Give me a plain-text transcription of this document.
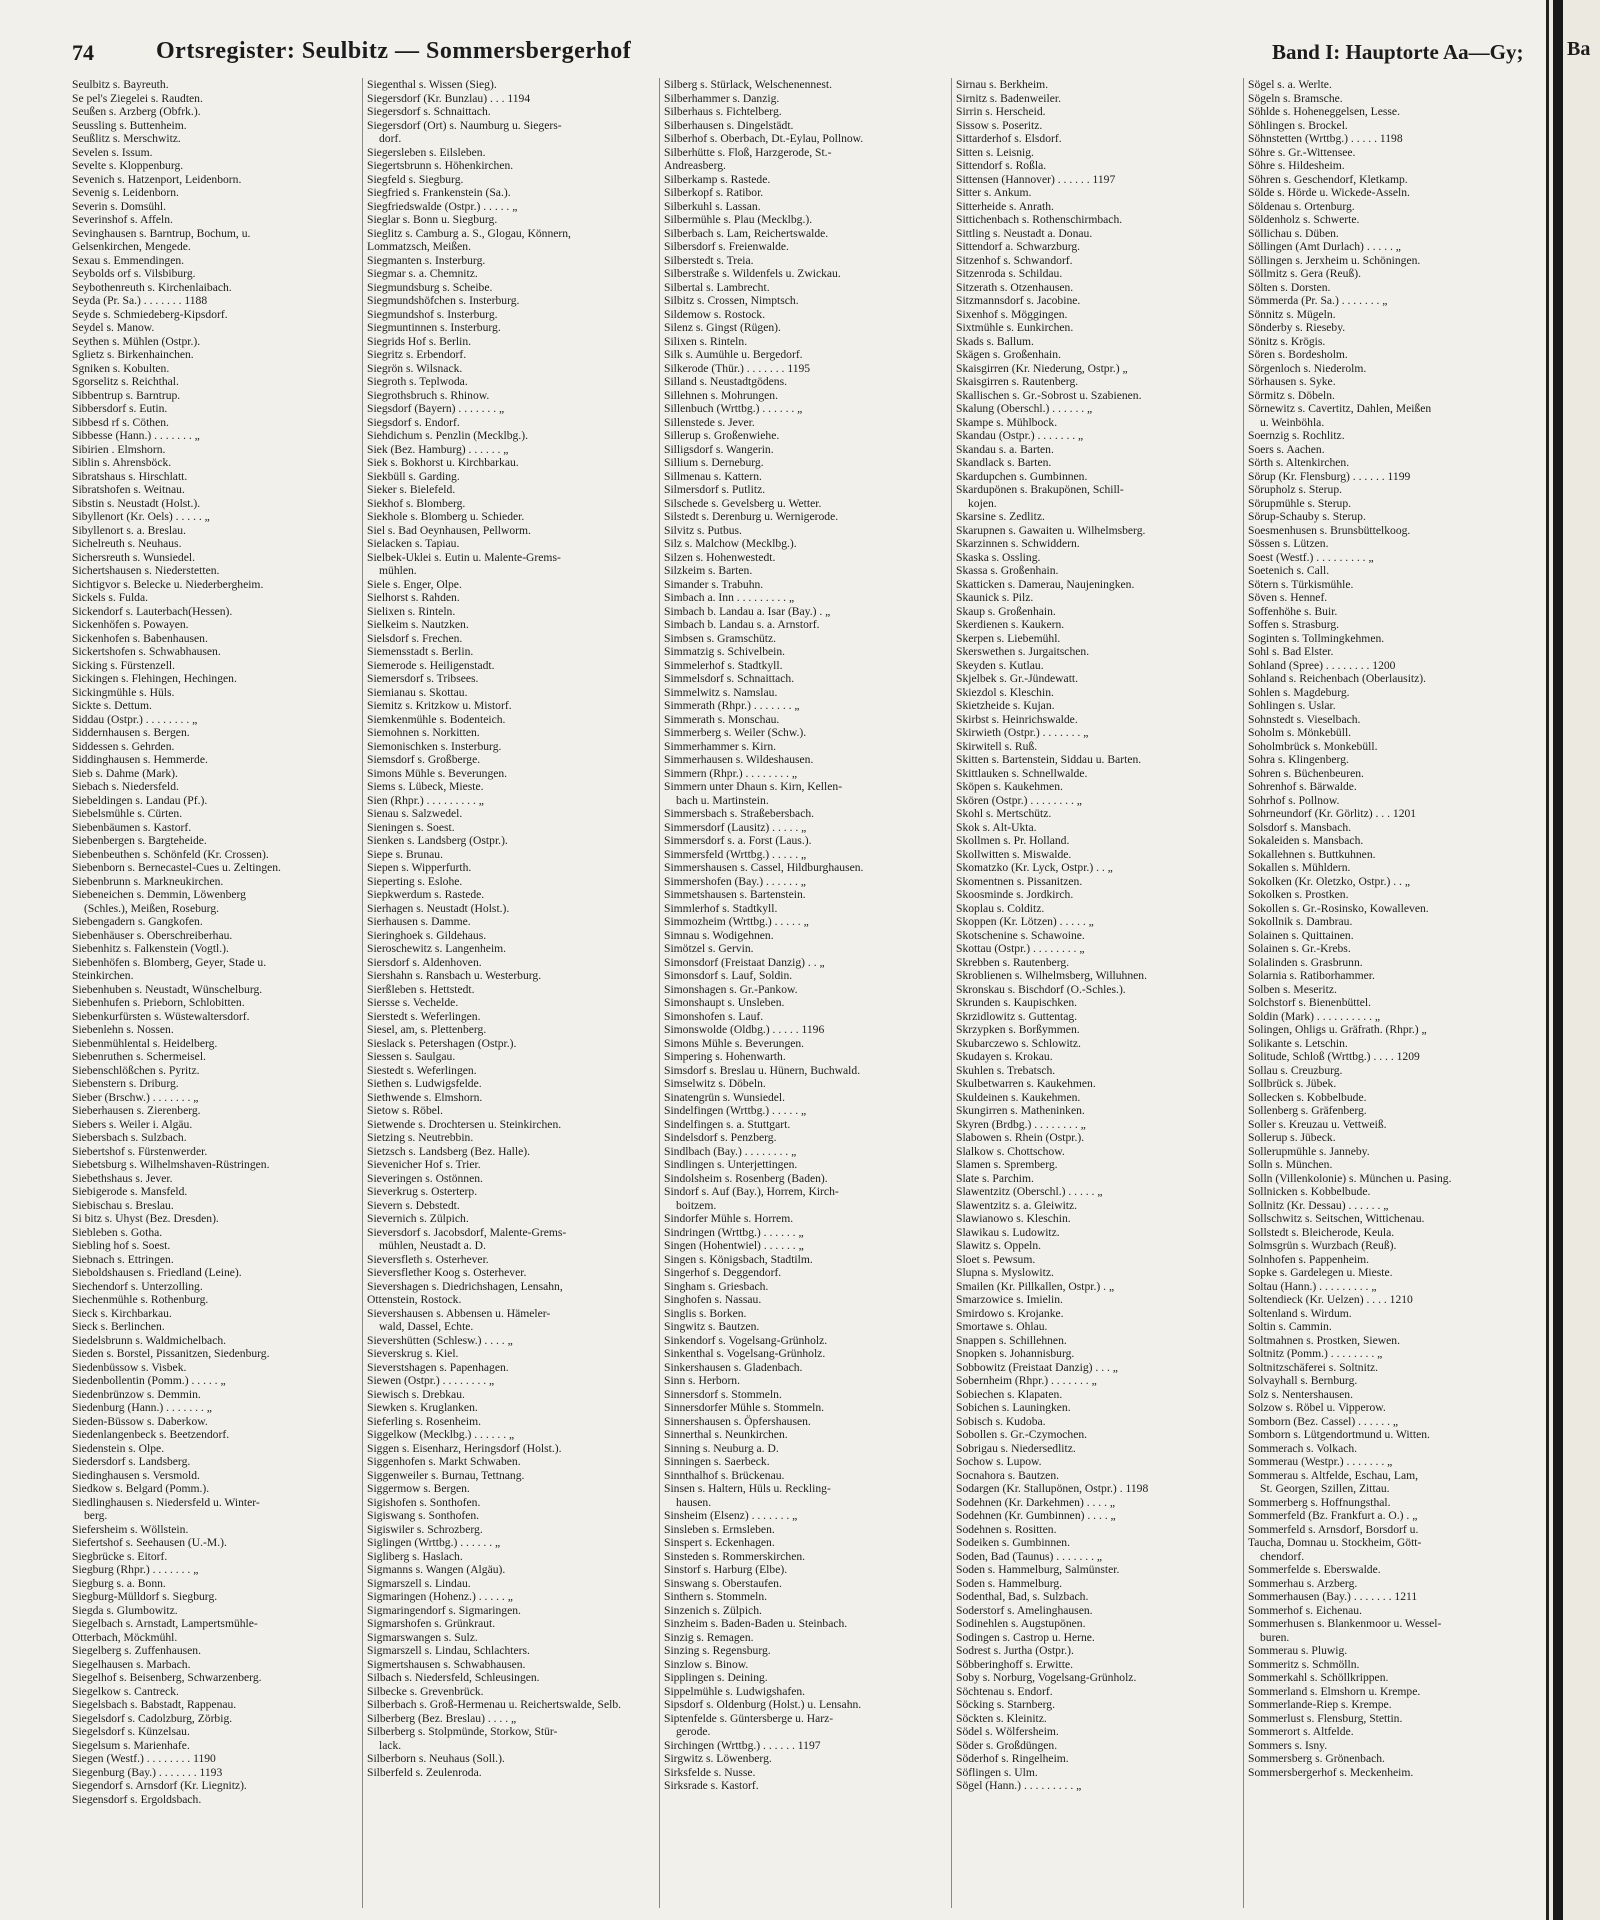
74	Ortsregister: Seulbitz — Sommersbergerhof	Band I: Hauptorte Aa—Gy; Ba
Seulbitz s. Bayreuth.
Se pel's Ziegelei s. Raudten.
Seußen s. Arzberg (Obfrk.).
Seussling s. Buttenheim.
Seußlitz s. Merschwitz.
Sevelen s. Issum.
Sevelte s. Kloppenburg.
Sevenich s. Hatzenport, Leidenborn.
Sevenig s. Leidenborn.
Severin s. Domsühl.
Severinshof s. Affeln.
Sevinghausen s. Barntrup, Bochum, u.
Gelsenkirchen, Mengede.
Sexau s. Emmendingen.
Seybolds orf s. Vilsbiburg.
Seybothenreuth s. Kirchenlaibach.
Seyda (Pr. Sa.) . . . . . . . 1188
Seyde s. Schmiedeberg-Kipsdorf.
Seydel s. Manow.
Seythen s. Mühlen (Ostpr.).
Sglietz s. Birkenhainchen.
Sgniken s. Kobulten.
Sgorselitz s. Reichthal.
Sibbentrup s. Barntrup.
Sibbersdorf s. Eutin.
Sibbesd rf s. Cöthen.
Sibbesse (Hann.) . . . . . . . „
Sibirien . Elmshorn.
Siblin s. Ahrensböck.
Sibratshaus s. Hirschlatt.
Sibratshofen s. Weitnau.
Sibstin s. Neustadt (Holst.).
Sibyllenort (Kr. Oels) . . . . . „
Sibyllenort s. a. Breslau.
Sichelreuth s. Neuhaus.
Sichersreuth s. Wunsiedel.
Sichertshausen s. Niederstetten.
Sichtigvor s. Belecke u. Niederbergheim.
Sickels s. Fulda.
Sickendorf s. Lauterbach(Hessen).
Sickenhöfen s. Powayen.
Sickenhofen s. Babenhausen.
Sickertshofen s. Schwabhausen.
Sicking s. Fürstenzell.
Sickingen s. Flehingen, Hechingen.
Sickingmühle s. Hüls.
Sickte s. Dettum.
Siddau (Ostpr.) . . . . . . . . „
Siddernhausen s. Bergen.
Siddessen s. Gehrden.
Siddinghausen s. Hemmerde.
Sieb s. Dahme (Mark).
Siebach s. Niedersfeld.
Siebeldingen s. Landau (Pf.).
Siebelsmühle s. Cürten.
Siebenbäumen s. Kastorf.
Siebenbergen s. Bargteheide.
Siebenbeuthen s. Schönfeld (Kr. Crossen).
Siebenborn s. Bernecastel-Cues u. Zeltingen.
Siebenbrunn s. Markneukirchen.
Siebeneichen s. Demmin, Löwenberg
(Schles.), Meißen, Roseburg.
Siebengadern s. Gangkofen.
Siebenhäuser s. Oberschreiberhau.
Siebenhitz s. Falkenstein (Vogtl.).
Siebenhöfen s. Blomberg, Geyer, Stade u.
Steinkirchen.
Siebenhuben s. Neustadt, Wünschelburg.
Siebenhufen s. Prieborn, Schlobitten.
Siebenkurfürsten s. Wüstewaltersdorf.
Siebenlehn s. Nossen.
Siebenmühlental s. Heidelberg.
Siebenruthen s. Schermeisel.
Siebenschlößchen s. Pyritz.
Siebenstern s. Driburg.
Sieber (Brschw.) . . . . . . . „
Sieberhausen s. Zierenberg.
Siebers s. Weiler i. Algäu.
Siebersbach s. Sulzbach.
Siebertshof s. Fürstenwerder.
Siebetsburg s. Wilhelmshaven-Rüstringen.
Siebethshaus s. Jever.
Siebigerode s. Mansfeld.
Siebischau s. Breslau.
Si bitz s. Uhyst (Bez. Dresden).
Siebleben s. Gotha.
Siebling hof s. Soest.
Siebnach s. Ettringen.
Sieboldshausen s. Friedland (Leine).
Siechendorf s. Unterzolling.
Siechenmühle s. Rothenburg.
Sieck s. Kirchbarkau.
Sieck s. Berlinchen.
Siedelsbrunn s. Waldmichelbach.
Sieden s. Borstel, Pissanitzen, Siedenburg.
Siedenbüssow s. Visbek.
Siedenbollentin (Pomm.) . . . . . „
Siedenbrünzow s. Demmin.
Siedenburg (Hann.) . . . . . . . „
Sieden-Büssow s. Daberkow.
Siedenlangenbeck s. Beetzendorf.
Siedenstein s. Olpe.
Siedersdorf s. Landsberg.
Siedinghausen s. Versmold.
Siedkow s. Belgard (Pomm.).
Siedlinghausen s. Niedersfeld u. Winter-
berg.
Siefersheim s. Wöllstein.
Siefertshof s. Seehausen (U.-M.).
Siegbrücke s. Eitorf.
Siegburg (Rhpr.) . . . . . . . „
Siegburg s. a. Bonn.
Siegburg-Mülldorf s. Siegburg.
Siegda s. Glumbowitz.
Siegelbach s. Arnstadt, Lampertsmühle-
Otterbach, Möckmühl.
Siegelberg s. Zuffenhausen.
Siegelhausen s. Marbach.
Siegelhof s. Beisenberg, Schwarzenberg.
Siegelkow s. Cantreck.
Siegelsbach s. Babstadt, Rappenau.
Siegelsdorf s. Cadolzburg, Zörbig.
Siegelsdorf s. Künzelsau.
Siegelsum s. Marienhafe.
Siegen (Westf.) . . . . . . . . 1190
Siegenburg (Bay.) . . . . . . . 1193
Siegendorf s. Arnsdorf (Kr. Liegnitz).
Siegensdorf s. Ergoldsbach.
Siegenthal s. Wissen (Sieg).
Siegersdorf (Kr. Bunzlau) . . . 1194
Siegersdorf s. Schnaittach.
Siegersdorf (Ort) s. Naumburg u. Siegers-
dorf.
Siegersleben s. Eilsleben.
Siegertsbrunn s. Höhenkirchen.
Siegfeld s. Siegburg.
Siegfried s. Frankenstein (Sa.).
Siegfriedswalde (Ostpr.) . . . . . „
Sieglar s. Bonn u. Siegburg.
Sieglitz s. Camburg a. S., Glogau, Könnern,
Lommatzsch, Meißen.
Siegmanten s. Insterburg.
Siegmar s. a. Chemnitz.
Siegmundsburg s. Scheibe.
Siegmundshöfchen s. Insterburg.
Siegmundshof s. Insterburg.
Siegmuntinnen s. Insterburg.
Siegrids Hof s. Berlin.
Siegritz s. Erbendorf.
Siegrön s. Wilsnack.
Siegroth s. Teplwoda.
Siegrothsbruch s. Rhinow.
Siegsdorf (Bayern) . . . . . . . „
Siegsdorf s. Endorf.
Siehdichum s. Penzlin (Mecklbg.).
Siek (Bez. Hamburg) . . . . . . „
Siek s. Bokhorst u. Kirchbarkau.
Siekbüll s. Garding.
Sieker s. Bielefeld.
Siekhof s. Blomberg.
Siekhole s. Blomberg u. Schieder.
Siel s. Bad Oeynhausen, Pellworm.
Sielacken s. Tapiau.
Sielbek-Uklei s. Eutin u. Malente-Grems-
mühlen.
Siele s. Enger, Olpe.
Sielhorst s. Rahden.
Sielixen s. Rinteln.
Sielkeim s. Nautzken.
Sielsdorf s. Frechen.
Siemensstadt s. Berlin.
Siemerode s. Heiligenstadt.
Siemersdorf s. Tribsees.
Siemianau s. Skottau.
Siemitz s. Kritzkow u. Mistorf.
Siemkenmühle s. Bodenteich.
Siemohnen s. Norkitten.
Siemonischken s. Insterburg.
Siemsdorf s. Großberge.
Simons Mühle s. Beverungen.
Siems s. Lübeck, Mieste.
Sien (Rhpr.) . . . . . . . . . „
Sienau s. Salzwedel.
Sieningen s. Soest.
Sienken s. Landsberg (Ostpr.).
Siepe s. Brunau.
Siepen s. Wipperfurth.
Sieperting s. Eslohe.
Siepkwerdum s. Rastede.
Sierhagen s. Neustadt (Holst.).
Sierhausen s. Damme.
Sieringhoek s. Gildehaus.
Sieroschewitz s. Langenheim.
Siersdorf s. Aldenhoven.
Siershahn s. Ransbach u. Westerburg.
Sierßleben s. Hettstedt.
Siersse s. Vechelde.
Sierstedt s. Weferlingen.
Siesel, am, s. Plettenberg.
Sieslack s. Petershagen (Ostpr.).
Siessen s. Saulgau.
Siestedt s. Weferlingen.
Siethen s. Ludwigsfelde.
Siethwende s. Elmshorn.
Sietow s. Röbel.
Sietwende s. Drochtersen u. Steinkirchen.
Sietzing s. Neutrebbin.
Sietzsch s. Landsberg (Bez. Halle).
Sievenicher Hof s. Trier.
Sieveringen s. Ostönnen.
Sieverkrug s. Osterterp.
Sievern s. Debstedt.
Sievernich s. Zülpich.
Sieversdorf s. Jacobsdorf, Malente-Grems-
mühlen, Neustadt a. D.
Sieversfleth s. Osterhever.
Sieversflether Koog s. Osterhever.
Sievershagen s. Diedrichshagen, Lensahn,
Ottenstein, Rostock.
Sievershausen s. Abbensen u. Hämeler-
wald, Dassel, Echte.
Sievershütten (Schlesw.) . . . . „
Sieverskrug s. Kiel.
Sieverstshagen s. Papenhagen.
Siewen (Ostpr.) . . . . . . . . „
Siewisch s. Drebkau.
Siewken s. Kruglanken.
Sieferling s. Rosenheim.
Siggelkow (Mecklbg.) . . . . . . „
Siggen s. Eisenharz, Heringsdorf (Holst.).
Siggenhofen s. Markt Schwaben.
Siggenweiler s. Burnau, Tettnang.
Siggermow s. Bergen.
Sigishofen s. Sonthofen.
Sigiswang s. Sonthofen.
Sigiswiler s. Schrozberg.
Siglingen (Wrttbg.) . . . . . . „
Sigliberg s. Haslach.
Sigmanns s. Wangen (Algäu).
Sigmarszell s. Lindau.
Sigmaringen (Hohenz.) . . . . . „
Sigmaringendorf s. Sigmaringen.
Sigmarshofen s. Grünkraut.
Sigmarswangen s. Sulz.
Sigmarszell s. Lindau, Schlachters.
Sigmertshausen s. Schwabhausen.
Silbach s. Niedersfeld, Schleusingen.
Silbecke s. Grevenbrück.
Silberbach s. Groß-Hermenau u. Reichertswalde, Selb.
Silberberg (Bez. Breslau) . . . . „
Silberberg s. Stolpmünde, Storkow, Stür-
lack.
Silberborn s. Neuhaus (Soll.).
Silberfeld s. Zeulenroda.
Silberg s. Stürlack, Welschenennest.
Silberhammer s. Danzig.
Silberhaus s. Fichtelberg.
Silberhausen s. Dingelstädt.
Silberhof s. Oberbach, Dt.-Eylau, Pollnow.
Silberhütte s. Floß, Harzgerode, St.-
Andreasberg.
Silberkamp s. Rastede.
Silberkopf s. Ratibor.
Silberkuhl s. Lassan.
Silbermühle s. Plau (Mecklbg.).
Silberbach s. Lam, Reichertswalde.
Silbersdorf s. Freienwalde.
Silberstedt s. Treia.
Silberstraße s. Wildenfels u. Zwickau.
Silbertal s. Lambrecht.
Silbitz s. Crossen, Nimptsch.
Sildemow s. Rostock.
Silenz s. Gingst (Rügen).
Silixen s. Rinteln.
Silk s. Aumühle u. Bergedorf.
Silkerode (Thür.) . . . . . . . 1195
Silland s. Neustadtgödens.
Sillehnen s. Mohrungen.
Sillenbuch (Wrttbg.) . . . . . . „
Sillenstede s. Jever.
Sillerup s. Großenwiehe.
Silligsdorf s. Wangerin.
Sillium s. Derneburg.
Sillmenau s. Kattern.
Silmersdorf s. Putlitz.
Silschede s. Gevelsberg u. Wetter.
Silstedt s. Derenburg u. Wernigerode.
Silvitz s. Putbus.
Silz s. Malchow (Mecklbg.).
Silzen s. Hohenwestedt.
Silzkeim s. Barten.
Simander s. Trabuhn.
Simbach a. Inn . . . . . . . . . „
Simbach b. Landau a. Isar (Bay.) . „
Simbach b. Landau s. a. Arnstorf.
Simbsen s. Gramschütz.
Simmatzig s. Schivelbein.
Simmelerhof s. Stadtkyll.
Simmelsdorf s. Schnaittach.
Simmelwitz s. Namslau.
Simmerath (Rhpr.) . . . . . . . „
Simmerath s. Monschau.
Simmerberg s. Weiler (Schw.).
Simmerhammer s. Kirn.
Simmerhausen s. Wildeshausen.
Simmern (Rhpr.) . . . . . . . . „
Simmern unter Dhaun s. Kirn, Kellen-
bach u. Martinstein.
Simmersbach s. Straßebersbach.
Simmersdorf (Lausitz) . . . . . „
Simmersdorf s. a. Forst (Laus.).
Simmersfeld (Wrttbg.) . . . . . „
Simmershausen s. Cassel, Hildburghausen.
Simmershofen (Bay.) . . . . . . „
Simmetshausen s. Bartenstein.
Simmlerhof s. Stadtkyll.
Simmozheim (Wrttbg.) . . . . . „
Simnau s. Wodigehnen.
Simötzel s. Gervin.
Simonsdorf (Freistaat Danzig) . . „
Simonsdorf s. Lauf, Soldin.
Simonshagen s. Gr.-Pankow.
Simonshaupt s. Unsleben.
Simonshofen s. Lauf.
Simonswolde (Oldbg.) . . . . . 1196
Simons Mühle s. Beverungen.
Simpering s. Hohenwarth.
Simsdorf s. Breslau u. Hünern, Buchwald.
Simselwitz s. Döbeln.
Sinatengrün s. Wunsiedel.
Sindelfingen (Wrttbg.) . . . . . „
Sindelfingen s. a. Stuttgart.
Sindelsdorf s. Penzberg.
Sindlbach (Bay.) . . . . . . . . „
Sindlingen s. Unterjettingen.
Sindolsheim s. Rosenberg (Baden).
Sindorf s. Auf (Bay.), Horrem, Kirch-
boitzem.
Sindorfer Mühle s. Horrem.
Sindringen (Wrttbg.) . . . . . . „
Singen (Hohentwiel) . . . . . . „
Singen s. Königsbach, Stadtilm.
Singerhof s. Deggendorf.
Singham s. Griesbach.
Singhofen s. Nassau.
Singlis s. Borken.
Singwitz s. Bautzen.
Sinkendorf s. Vogelsang-Grünholz.
Sinkenthal s. Vogelsang-Grünholz.
Sinkershausen s. Gladenbach.
Sinn s. Herborn.
Sinnersdorf s. Stommeln.
Sinnersdorfer Mühle s. Stommeln.
Sinnershausen s. Öpfershausen.
Sinnerthal s. Neunkirchen.
Sinning s. Neuburg a. D.
Sinningen s. Saerbeck.
Sinnthalhof s. Brückenau.
Sinsen s. Haltern, Hüls u. Reckling-
hausen.
Sinsheim (Elsenz) . . . . . . . „
Sinsleben s. Ermsleben.
Sinspert s. Eckenhagen.
Sinsteden s. Rommerskirchen.
Sinstorf s. Harburg (Elbe).
Sinswang s. Oberstaufen.
Sinthern s. Stommeln.
Sinzenich s. Zülpich.
Sinzheim s. Baden-Baden u. Steinbach.
Sinzig s. Remagen.
Sinzing s. Regensburg.
Sinzlow s. Binow.
Sipplingen s. Deining.
Sippelmühle s. Ludwigshafen.
Sipsdorf s. Oldenburg (Holst.) u. Lensahn.
Siptenfelde s. Güntersberge u. Harz-
gerode.
Sirchingen (Wrttbg.) . . . . . . 1197
Sirgwitz s. Löwenberg.
Sirksfelde s. Nusse.
Sirksrade s. Kastorf.
Sirnau s. Berkheim.
Sirnitz s. Badenweiler.
Sirrin s. Herscheid.
Sissow s. Poseritz.
Sittarderhof s. Elsdorf.
Sitten s. Leisnig.
Sittendorf s. Roßla.
Sittensen (Hannover) . . . . . . 1197
Sitter s. Ankum.
Sitterheide s. Anrath.
Sittichenbach s. Rothenschirmbach.
Sittling s. Neustadt a. Donau.
Sittendorf a. Schwarzburg.
Sitzenhof s. Schwandorf.
Sitzenroda s. Schildau.
Sitzerath s. Otzenhausen.
Sitzmannsdorf s. Jacobine.
Sixenhof s. Möggingen.
Sixtmühle s. Eunkirchen.
Skads s. Ballum.
Skägen s. Großenhain.
Skaisgirren (Kr. Niederung, Ostpr.) „
Skaisgirren s. Rautenberg.
Skallischen s. Gr.-Sobrost u. Szabienen.
Skalung (Oberschl.) . . . . . . „
Skampe s. Mühlbock.
Skandau (Ostpr.) . . . . . . . „
Skandau s. a. Barten.
Skandlack s. Barten.
Skardupchen s. Gumbinnen.
Skardupönen s. Brakupönen, Schill-
kojen.
Skarsine s. Zedlitz.
Skarupnen s. Gawaiten u. Wilhelmsberg.
Skarzinnen s. Schwiddern.
Skaska s. Ossling.
Skassa s. Großenhain.
Skatticken s. Damerau, Naujeningken.
Skaunick s. Pilz.
Skaup s. Großenhain.
Skerdienen s. Kaukern.
Skerpen s. Liebemühl.
Skerswethen s. Jurgaitschen.
Skeyden s. Kutlau.
Skjelbek s. Gr.-Jündewatt.
Skiezdol s. Kleschin.
Skietzheide s. Kujan.
Skirbst s. Heinrichswalde.
Skirwieth (Ostpr.) . . . . . . . „
Skirwitell s. Ruß.
Skitten s. Bartenstein, Siddau u. Barten.
Skittlauken s. Schnellwalde.
Sköpen s. Kaukehmen.
Skören (Ostpr.) . . . . . . . . „
Skohl s. Mertschütz.
Skok s. Alt-Ukta.
Skollmen s. Pr. Holland.
Skollwitten s. Miswalde.
Skomatzko (Kr. Lyck, Ostpr.) . . „
Skomentnen s. Pissanitzen.
Skoosminde s. Jordkirch.
Skoplau s. Colditz.
Skoppen (Kr. Lötzen) . . . . . „
Skotschenine s. Schawoine.
Skottau (Ostpr.) . . . . . . . . „
Skrebben s. Rautenberg.
Skroblienen s. Wilhelmsberg, Willuhnen.
Skronskau s. Bischdorf (O.-Schles.).
Skrunden s. Kaupischken.
Skrzidlowitz s. Guttentag.
Skrzypken s. Borßymmen.
Skubarczewo s. Schlowitz.
Skudayen s. Krokau.
Skuhlen s. Trebatsch.
Skulbetwarren s. Kaukehmen.
Skuldeinen s. Kaukehmen.
Skungirren s. Matheninken.
Skyren (Brdbg.) . . . . . . . . „
Slabowen s. Rhein (Ostpr.).
Slalkow s. Chottschow.
Slamen s. Spremberg.
Slate s. Parchim.
Slawentzitz (Oberschl.) . . . . . „
Slawentzitz s. a. Gleiwitz.
Slawianowo s. Kleschin.
Slawikau s. Ludowitz.
Slawitz s. Oppeln.
Sloet s. Pewsum.
Slupna s. Myslowitz.
Smailen (Kr. Pillkallen, Ostpr.) . „
Smarzowice s. Imielin.
Smirdowo s. Krojanke.
Smortawe s. Ohlau.
Snappen s. Schillehnen.
Snopken s. Johannisburg.
Sobbowitz (Freistaat Danzig) . . . „
Sobernheim (Rhpr.) . . . . . . . „
Sobiechen s. Klapaten.
Sobichen s. Launingken.
Sobisch s. Kudoba.
Sobollen s. Gr.-Czymochen.
Sobrigau s. Niedersedlitz.
Sochow s. Lupow.
Socnahora s. Bautzen.
Sodargen (Kr. Stallupönen, Ostpr.) . 1198
Sodehnen (Kr. Darkehmen) . . . . „
Sodehnen (Kr. Gumbinnen) . . . . „
Sodehnen s. Rositten.
Sodeiken s. Gumbinnen.
Soden, Bad (Taunus) . . . . . . . „
Soden s. Hammelburg, Salmünster.
Soden s. Hammelburg.
Sodenthal, Bad, s. Sulzbach.
Soderstorf s. Amelinghausen.
Sodinehlen s. Augstupönen.
Sodingen s. Castrop u. Herne.
Sodrest s. Jurtha (Ostpr.).
Söbberinghoff s. Erwitte.
Soby s. Norburg, Vogelsang-Grünholz.
Söchtenau s. Endorf.
Söcking s. Starnberg.
Söckten s. Kleinitz.
Södel s. Wölfersheim.
Söder s. Großdüngen.
Söderhof s. Ringelheim.
Söflingen s. Ulm.
Sögel (Hann.) . . . . . . . . . „
Sögel s. a. Werlte.
Sögeln s. Bramsche.
Söhlde s. Hoheneggelsen, Lesse.
Söhlingen s. Brockel.
Söhnstetten (Wrttbg.) . . . . . 1198
Söhre s. Gr.-Wittensee.
Söhre s. Hildesheim.
Söhren s. Geschendorf, Kletkamp.
Sölde s. Hörde u. Wickede-Asseln.
Söldenau s. Ortenburg.
Söldenholz s. Schwerte.
Söllichau s. Düben.
Söllingen (Amt Durlach) . . . . . „
Söllingen s. Jerxheim u. Schöningen.
Söllmitz s. Gera (Reuß).
Sölten s. Dorsten.
Sömmerda (Pr. Sa.) . . . . . . . „
Sönnitz s. Mügeln.
Sönderby s. Rieseby.
Sönitz s. Krögis.
Sören s. Bordesholm.
Sörgenloch s. Niederolm.
Sörhausen s. Syke.
Sörmitz s. Döbeln.
Sörnewitz s. Cavertitz, Dahlen, Meißen
u. Weinböhla.
Soernzig s. Rochlitz.
Soers s. Aachen.
Sörth s. Altenkirchen.
Sörup (Kr. Flensburg) . . . . . . 1199
Sörupholz s. Sterup.
Sörupmühle s. Sterup.
Sörup-Schauby s. Sterup.
Soesmenhusen s. Brunsbüttelkoog.
Sössen s. Lützen.
Soest (Westf.) . . . . . . . . . „
Soetenich s. Call.
Sötern s. Türkismühle.
Söven s. Hennef.
Soffenhöhe s. Buir.
Soffen s. Strasburg.
Soginten s. Tollmingkehmen.
Sohl s. Bad Elster.
Sohland (Spree) . . . . . . . . 1200
Sohland s. Reichenbach (Oberlausitz).
Sohlen s. Magdeburg.
Sohlingen s. Uslar.
Sohnstedt s. Vieselbach.
Soholm s. Mönkebüll.
Soholmbrück s. Monkebüll.
Sohra s. Klingenberg.
Sohren s. Büchenbeuren.
Sohrenhof s. Bärwalde.
Sohrhof s. Pollnow.
Sohrneundorf (Kr. Görlitz) . . . 1201
Solsdorf s. Mansbach.
Sokaleiden s. Mansbach.
Sokallehnen s. Buttkuhnen.
Sokallen s. Mühldern.
Sokolken (Kr. Oletzko, Ostpr.) . . „
Sokolken s. Prostken.
Sokollen s. Gr.-Rosinsko, Kowalleven.
Sokollnik s. Dambrau.
Solainen s. Quittainen.
Solainen s. Gr.-Krebs.
Solalinden s. Grasbrunn.
Solarnia s. Ratiborhammer.
Solben s. Meseritz.
Solchstorf s. Bienenbüttel.
Soldin (Mark) . . . . . . . . . . „
Solingen, Ohligs u. Gräfrath. (Rhpr.) „
Solikante s. Letschin.
Solitude, Schloß (Wrttbg.) . . . . 1209
Sollau s. Creuzburg.
Sollbrück s. Jübek.
Sollecken s. Kobbelbude.
Sollenberg s. Gräfenberg.
Soller s. Kreuzau u. Vettweiß.
Sollerup s. Jübeck.
Sollerupmühle s. Janneby.
Solln s. München.
Solln (Villenkolonie) s. München u. Pasing.
Sollnicken s. Kobbelbude.
Sollnitz (Kr. Dessau) . . . . . . „
Sollschwitz s. Seitschen, Wittichenau.
Sollstedt s. Bleicherode, Keula.
Solmsgrün s. Wurzbach (Reuß).
Solnhofen s. Pappenheim.
Sopke s. Gardelegen u. Mieste.
Soltau (Hann.) . . . . . . . . . „
Soltendieck (Kr. Uelzen) . . . . 1210
Soltenland s. Wirdum.
Soltin s. Cammin.
Soltmahnen s. Prostken, Siewen.
Soltnitz (Pomm.) . . . . . . . . „
Soltnitzschäferei s. Soltnitz.
Solvayhall s. Bernburg.
Solz s. Nentershausen.
Solzow s. Röbel u. Vipperow.
Somborn (Bez. Cassel) . . . . . . „
Somborn s. Lütgendortmund u. Witten.
Sommerach s. Volkach.
Sommerau (Westpr.) . . . . . . . „
Sommerau s. Altfelde, Eschau, Lam,
St. Georgen, Szillen, Zittau.
Sommerberg s. Hoffnungsthal.
Sommerfeld (Bz. Frankfurt a. O.) . „
Sommerfeld s. Arnsdorf, Borsdorf u.
Taucha, Domnau u. Stockheim, Gött-
chendorf.
Sommerfelde s. Eberswalde.
Sommerhau s. Arzberg.
Sommerhausen (Bay.) . . . . . . . 1211
Sommerhof s. Eichenau.
Sommerhusen s. Blankenmoor u. Wessel-
buren.
Sommerau s. Pluwig.
Sommeritz s. Schmölln.
Sommerkahl s. Schöllkrippen.
Sommerland s. Elmshorn u. Krempe.
Sommerlande-Riep s. Krempe.
Sommerlust s. Flensburg, Stettin.
Sommerort s. Altfelde.
Sommers s. Isny.
Sommersberg s. Grönenbach.
Sommersbergerhof s. Meckenheim.
